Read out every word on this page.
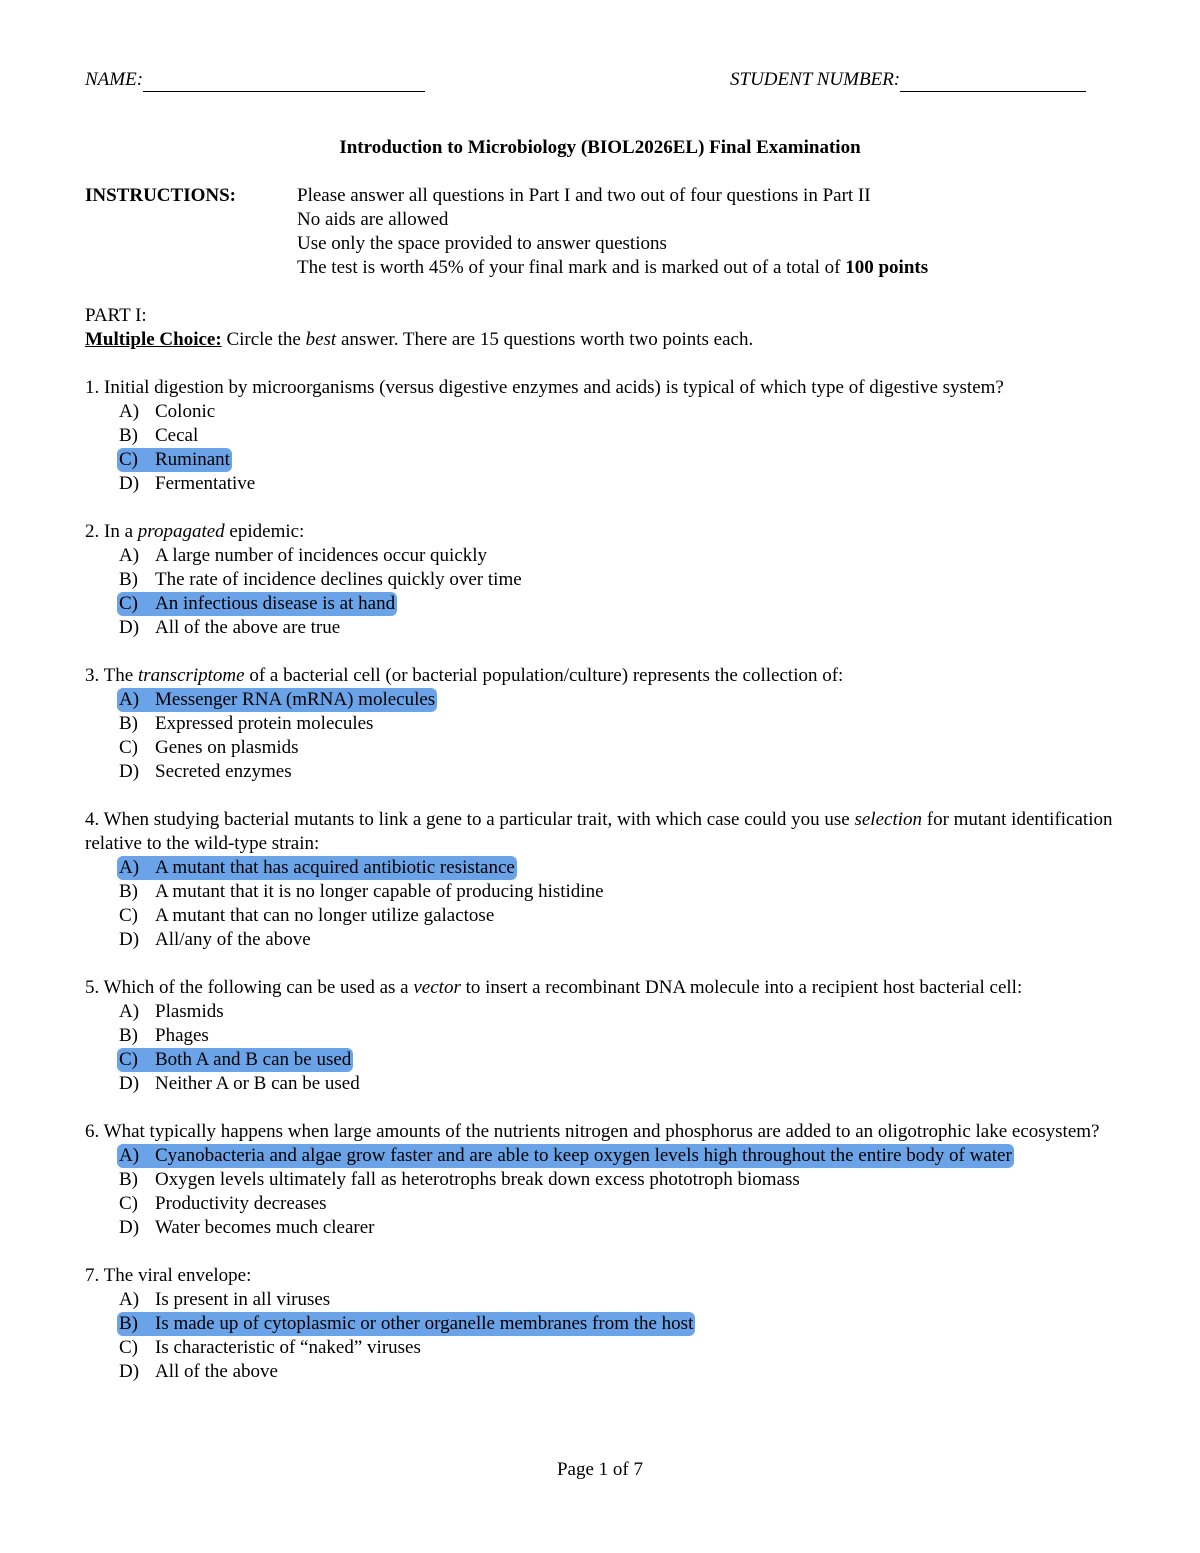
NAME:	STUDENT NUMBER:
Introduction to Microbiology (BIOL2026EL) Final Examination
INSTRUCTIONS:	Please answer all questions in Part I and two out of four questions in Part II
No aids are allowed
Use only the space provided to answer questions
The test is worth 45% of your final mark and is marked out of a total of 100 points
PART I:
Multiple Choice: Circle the best answer. There are 15 questions worth two points each.
1. Initial digestion by microorganisms (versus digestive enzymes and acids) is typical of which type of digestive system?
A) Colonic
B) Cecal
C) Ruminant
D) Fermentative
2. In a propagated epidemic:
A) A large number of incidences occur quickly
B) The rate of incidence declines quickly over time
C) An infectious disease is at hand
D) All of the above are true
3. The transcriptome of a bacterial cell (or bacterial population/culture) represents the collection of:
A) Messenger RNA (mRNA) molecules
B) Expressed protein molecules
C) Genes on plasmids
D) Secreted enzymes
4. When studying bacterial mutants to link a gene to a particular trait, with which case could you use selection for mutant identification relative to the wild-type strain:
A) A mutant that has acquired antibiotic resistance
B) A mutant that it is no longer capable of producing histidine
C) A mutant that can no longer utilize galactose
D) All/any of the above
5. Which of the following can be used as a vector to insert a recombinant DNA molecule into a recipient host bacterial cell:
A) Plasmids
B) Phages
C) Both A and B can be used
D) Neither A or B can be used
6. What typically happens when large amounts of the nutrients nitrogen and phosphorus are added to an oligotrophic lake ecosystem?
A) Cyanobacteria and algae grow faster and are able to keep oxygen levels high throughout the entire body of water
B) Oxygen levels ultimately fall as heterotrophs break down excess phototroph biomass
C) Productivity decreases
D) Water becomes much clearer
7. The viral envelope:
A) Is present in all viruses
B) Is made up of cytoplasmic or other organelle membranes from the host
C) Is characteristic of “naked” viruses
D) All of the above
Page 1 of 7
